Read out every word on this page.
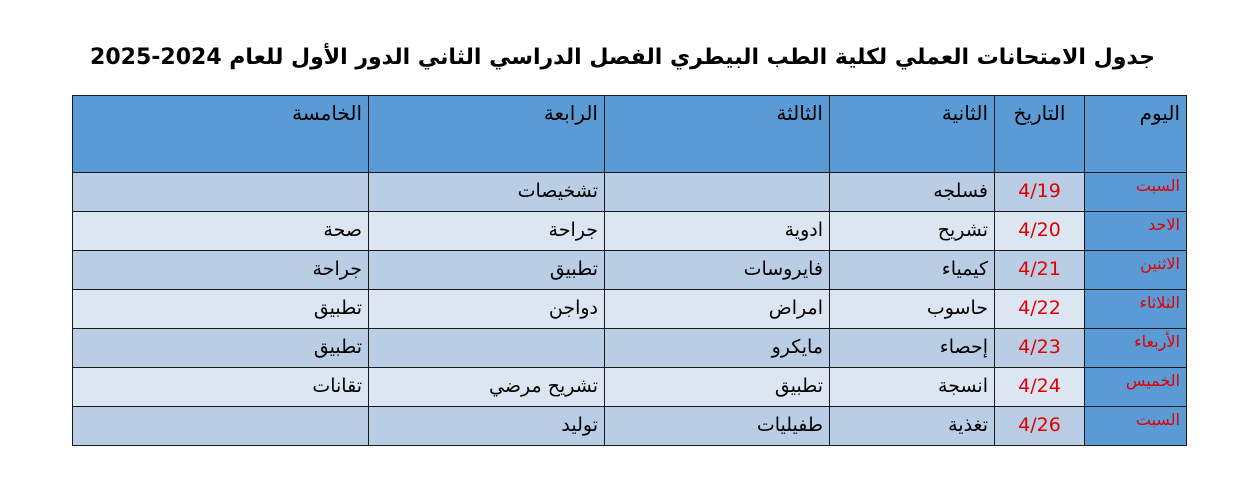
جدول الامتحانات العملي لكلية الطب البيطري الفصل الدراسي الثاني الدور الأول للعام 2024-2025
اليوم	التاريخ	الثانية	الثالثة	الرابعة	الخامسة
السبت	4/19	فسلجه		تشخيصات	
الاحد	4/20	تشريح	ادوية	جراحة	صحة
الاثنين	4/21	كيمياء	فايروسات	تطبيق	جراحة
الثلاثاء	4/22	حاسوب	امراض	دواجن	تطبيق
الأربعاء	4/23	إحصاء	مايكرو		تطبيق
الخميس	4/24	انسجة	تطبيق	تشريح مرضي	تقانات
السبت	4/26	تغذية	طفيليات	توليد	
